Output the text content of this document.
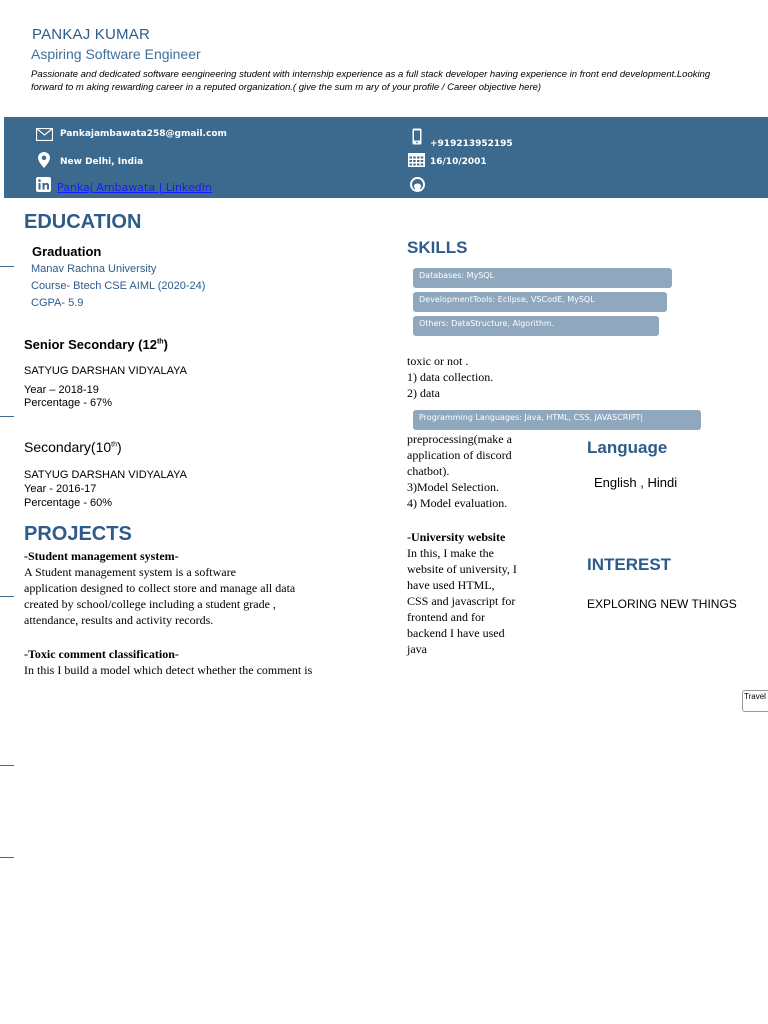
PANKAJ KUMAR
Aspiring Software Engineer
Passionate and dedicated software eengineering student with internship experience as a full stack developer having experience in front end development.Looking forward to m aking rewarding career in a reputed organization.( give the sum m ary of your profile / Career objective here)
Pankajambawata258@gmail.com
New Delhi, India
Pankaj Ambawata | LinkedIn
+919213952195
16/10/2001
EDUCATION
Graduation
Manav Rachna University
Course- Btech CSE AIML (2020-24)
CGPA- 5.9
Senior Secondary (12th)
SATYUG DARSHAN VIDYALAYA
Year – 2018-19
Percentage - 67%
Secondary(10th)
SATYUG DARSHAN VIDYALAYA
Year - 2016-17
Percentage - 60%
PROJECTS
-Student management system-
A Student management system is a software
application designed to collect store and manage all data
created by school/college including a student grade ,
attendance, results and activity records.
-Toxic comment classification-
In this I build a model which detect whether the comment is
SKILLS
Databases: MySQL
DevelopmentTools: Eclipse, VSCodE, MySQL
Others: DataStructure, Algorithm.
toxic or not .
1) data collection.
2) data
Programming Languages: Java, HTML, CSS, JAVASCRIPT|
preprocessing(make a
application of discord
chatbot).
3)Model Selection.
4) Model evaluation.
-University website
In this, I make the
website of university, I
have used HTML,
CSS and javascript for
frontend and for
backend I have used
java
Language
English , Hindi
INTEREST
EXPLORING NEW THINGS
Travel
